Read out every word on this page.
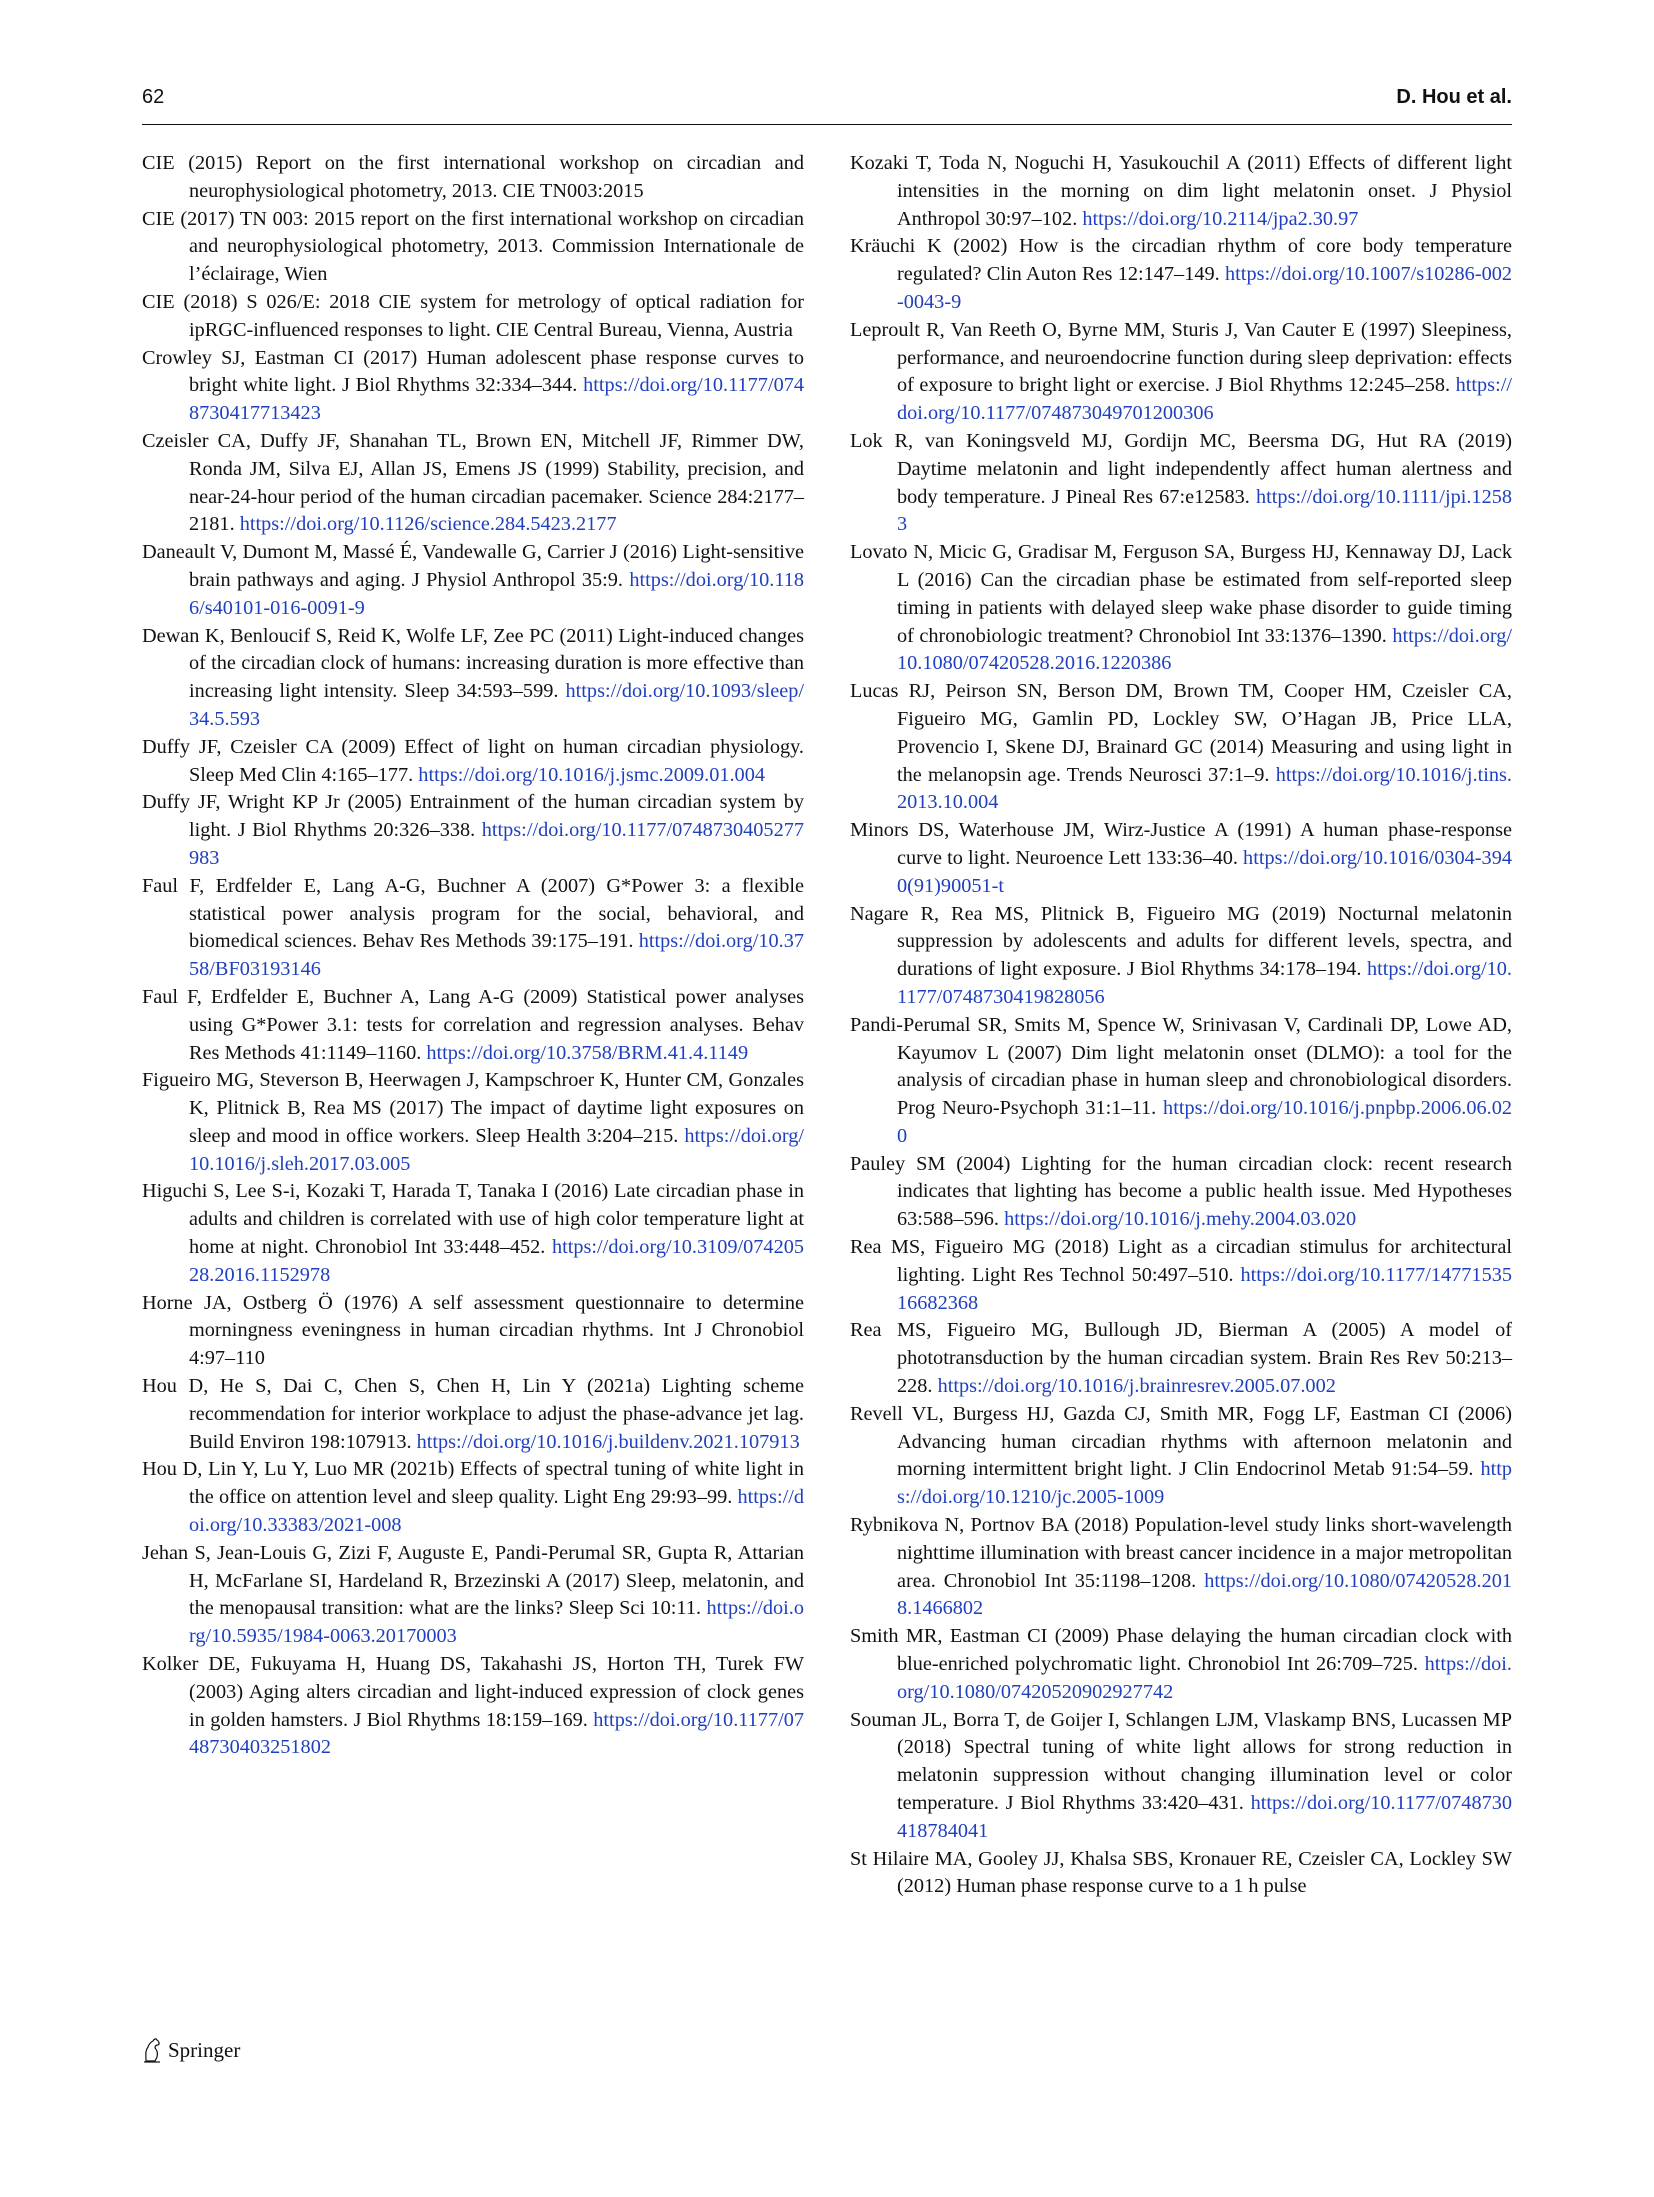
62	D. Hou et al.

CIE (2015) Report on the first international workshop on circadian and neurophysiological photometry, 2013. CIE TN003:2015

CIE (2017) TN 003: 2015 report on the first international workshop on circadian and neurophysiological photometry, 2013. Commission Internationale de l’éclairage, Wien

CIE (2018) S 026/E: 2018 CIE system for metrology of optical radiation for ipRGC-influenced responses to light. CIE Central Bureau, Vienna, Austria

Crowley SJ, Eastman CI (2017) Human adolescent phase response curves to bright white light. J Biol Rhythms 32:334–344. https://doi.org/10.1177/0748730417713423

Czeisler CA, Duffy JF, Shanahan TL, Brown EN, Mitchell JF, Rimmer DW, Ronda JM, Silva EJ, Allan JS, Emens JS (1999) Stability, precision, and near-24-hour period of the human circadian pacemaker. Science 284:2177–2181. https://doi.org/10.1126/science.284.5423.2177

Daneault V, Dumont M, Massé É, Vandewalle G, Carrier J (2016) Light-sensitive brain pathways and aging. J Physiol Anthropol 35:9. https://doi.org/10.1186/s40101-016-0091-9

Dewan K, Benloucif S, Reid K, Wolfe LF, Zee PC (2011) Light-induced changes of the circadian clock of humans: increasing duration is more effective than increasing light intensity. Sleep 34:593–599. https://doi.org/10.1093/sleep/34.5.593

Duffy JF, Czeisler CA (2009) Effect of light on human circadian physiology. Sleep Med Clin 4:165–177. https://doi.org/10.1016/j.jsmc.2009.01.004

Duffy JF, Wright KP Jr (2005) Entrainment of the human circadian system by light. J Biol Rhythms 20:326–338. https://doi.org/10.1177/0748730405277983

Faul F, Erdfelder E, Lang A-G, Buchner A (2007) G*Power 3: a flexible statistical power analysis program for the social, behavioral, and biomedical sciences. Behav Res Methods 39:175–191. https://doi.org/10.3758/BF03193146

Faul F, Erdfelder E, Buchner A, Lang A-G (2009) Statistical power analyses using G*Power 3.1: tests for correlation and regression analyses. Behav Res Methods 41:1149–1160. https://doi.org/10.3758/BRM.41.4.1149

Figueiro MG, Steverson B, Heerwagen J, Kampschroer K, Hunter CM, Gonzales K, Plitnick B, Rea MS (2017) The impact of daytime light exposures on sleep and mood in office workers. Sleep Health 3:204–215. https://doi.org/10.1016/j.sleh.2017.03.005

Higuchi S, Lee S-i, Kozaki T, Harada T, Tanaka I (2016) Late circadian phase in adults and children is correlated with use of high color temperature light at home at night. Chronobiol Int 33:448–452. https://doi.org/10.3109/07420528.2016.1152978

Horne JA, Ostberg Ö (1976) A self assessment questionnaire to determine morningness eveningness in human circadian rhythms. Int J Chronobiol 4:97–110

Hou D, He S, Dai C, Chen S, Chen H, Lin Y (2021a) Lighting scheme recommendation for interior workplace to adjust the phase-advance jet lag. Build Environ 198:107913. https://doi.org/10.1016/j.buildenv.2021.107913

Hou D, Lin Y, Lu Y, Luo MR (2021b) Effects of spectral tuning of white light in the office on attention level and sleep quality. Light Eng 29:93–99. https://doi.org/10.33383/2021-008

Jehan S, Jean-Louis G, Zizi F, Auguste E, Pandi-Perumal SR, Gupta R, Attarian H, McFarlane SI, Hardeland R, Brzezinski A (2017) Sleep, melatonin, and the menopausal transition: what are the links? Sleep Sci 10:11. https://doi.org/10.5935/1984-0063.20170003

Kolker DE, Fukuyama H, Huang DS, Takahashi JS, Horton TH, Turek FW (2003) Aging alters circadian and light-induced expression of clock genes in golden hamsters. J Biol Rhythms 18:159–169. https://doi.org/10.1177/0748730403251802

Kozaki T, Toda N, Noguchi H, Yasukouchil A (2011) Effects of different light intensities in the morning on dim light melatonin onset. J Physiol Anthropol 30:97–102. https://doi.org/10.2114/jpa2.30.97

Kräuchi K (2002) How is the circadian rhythm of core body temperature regulated? Clin Auton Res 12:147–149. https://doi.org/10.1007/s10286-002-0043-9

Leproult R, Van Reeth O, Byrne MM, Sturis J, Van Cauter E (1997) Sleepiness, performance, and neuroendocrine function during sleep deprivation: effects of exposure to bright light or exercise. J Biol Rhythms 12:245–258. https://doi.org/10.1177/074873049701200306

Lok R, van Koningsveld MJ, Gordijn MC, Beersma DG, Hut RA (2019) Daytime melatonin and light independently affect human alertness and body temperature. J Pineal Res 67:e12583. https://doi.org/10.1111/jpi.12583

Lovato N, Micic G, Gradisar M, Ferguson SA, Burgess HJ, Kennaway DJ, Lack L (2016) Can the circadian phase be estimated from self-reported sleep timing in patients with delayed sleep wake phase disorder to guide timing of chronobiologic treatment? Chronobiol Int 33:1376–1390. https://doi.org/10.1080/07420528.2016.1220386

Lucas RJ, Peirson SN, Berson DM, Brown TM, Cooper HM, Czeisler CA, Figueiro MG, Gamlin PD, Lockley SW, O’Hagan JB, Price LLA, Provencio I, Skene DJ, Brainard GC (2014) Measuring and using light in the melanopsin age. Trends Neurosci 37:1–9. https://doi.org/10.1016/j.tins.2013.10.004

Minors DS, Waterhouse JM, Wirz-Justice A (1991) A human phase-response curve to light. Neuroence Lett 133:36–40. https://doi.org/10.1016/0304-3940(91)90051-t

Nagare R, Rea MS, Plitnick B, Figueiro MG (2019) Nocturnal melatonin suppression by adolescents and adults for different levels, spectra, and durations of light exposure. J Biol Rhythms 34:178–194. https://doi.org/10.1177/0748730419828056

Pandi-Perumal SR, Smits M, Spence W, Srinivasan V, Cardinali DP, Lowe AD, Kayumov L (2007) Dim light melatonin onset (DLMO): a tool for the analysis of circadian phase in human sleep and chronobiological disorders. Prog Neuro-Psychoph 31:1–11. https://doi.org/10.1016/j.pnpbp.2006.06.020

Pauley SM (2004) Lighting for the human circadian clock: recent research indicates that lighting has become a public health issue. Med Hypotheses 63:588–596. https://doi.org/10.1016/j.mehy.2004.03.020

Rea MS, Figueiro MG (2018) Light as a circadian stimulus for architectural lighting. Light Res Technol 50:497–510. https://doi.org/10.1177/1477153516682368

Rea MS, Figueiro MG, Bullough JD, Bierman A (2005) A model of phototransduction by the human circadian system. Brain Res Rev 50:213–228. https://doi.org/10.1016/j.brainresrev.2005.07.002

Revell VL, Burgess HJ, Gazda CJ, Smith MR, Fogg LF, Eastman CI (2006) Advancing human circadian rhythms with afternoon melatonin and morning intermittent bright light. J Clin Endocrinol Metab 91:54–59. https://doi.org/10.1210/jc.2005-1009

Rybnikova N, Portnov BA (2018) Population-level study links short-wavelength nighttime illumination with breast cancer incidence in a major metropolitan area. Chronobiol Int 35:1198–1208. https://doi.org/10.1080/07420528.2018.1466802

Smith MR, Eastman CI (2009) Phase delaying the human circadian clock with blue-enriched polychromatic light. Chronobiol Int 26:709–725. https://doi.org/10.1080/07420520902927742

Souman JL, Borra T, de Goijer I, Schlangen LJM, Vlaskamp BNS, Lucassen MP (2018) Spectral tuning of white light allows for strong reduction in melatonin suppression without changing illumination level or color temperature. J Biol Rhythms 33:420–431. https://doi.org/10.1177/0748730418784041

St Hilaire MA, Gooley JJ, Khalsa SBS, Kronauer RE, Czeisler CA, Lockley SW (2012) Human phase response curve to a 1 h pulse

Springer
